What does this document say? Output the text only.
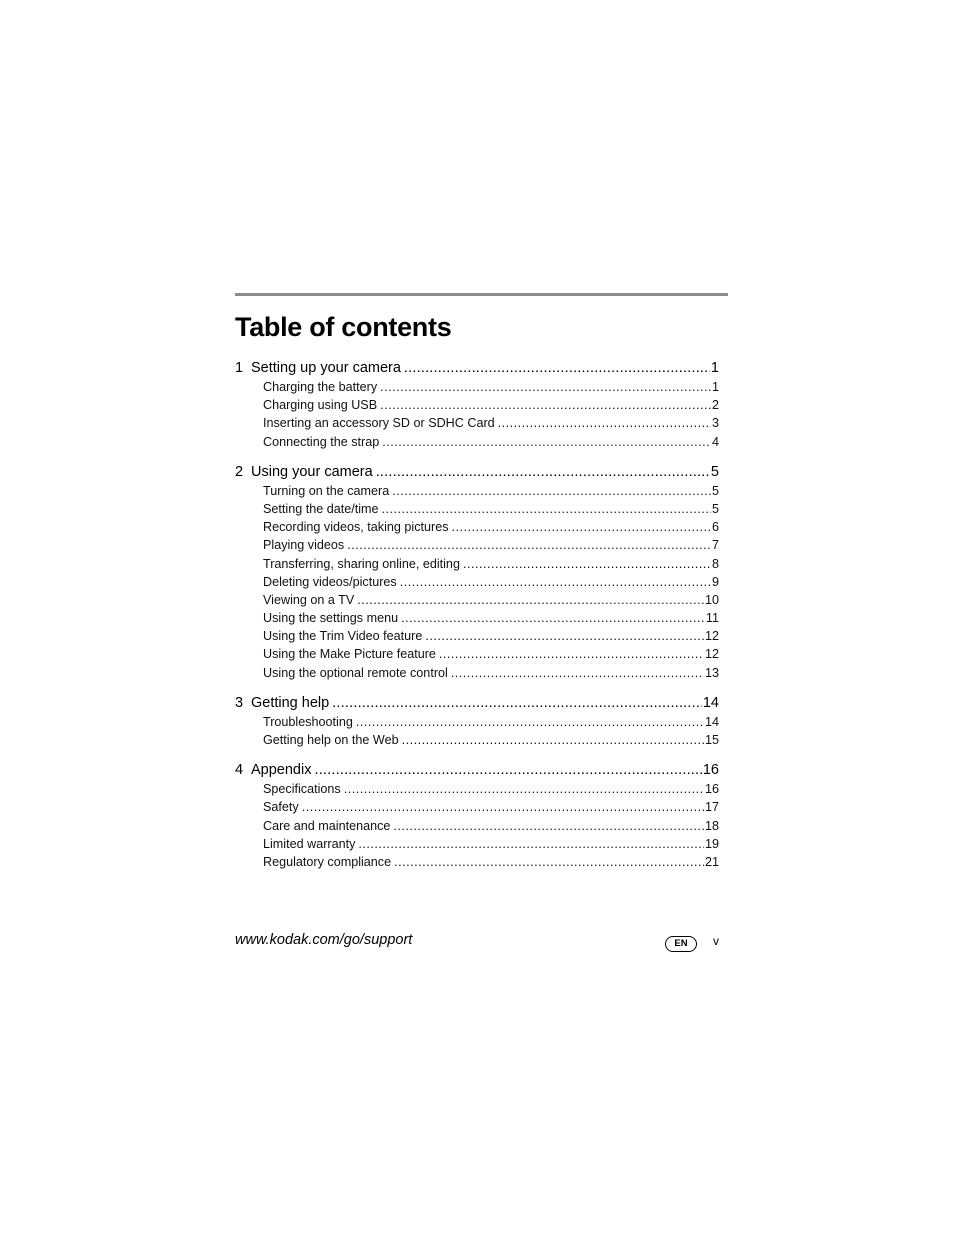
Table of contents
1 Setting up your camera .....	1
Charging the battery .....	1
Charging using USB .....	2
Inserting an accessory SD or SDHC Card .....	3
Connecting the strap .....	4
2 Using your camera .....	5
Turning on the camera .....	5
Setting the date/time .....	5
Recording videos, taking pictures .....	6
Playing videos .....	7
Transferring, sharing online, editing .....	8
Deleting videos/pictures .....	9
Viewing on a TV .....	10
Using the settings menu .....	11
Using the Trim Video feature .....	12
Using the Make Picture feature .....	12
Using the optional remote control .....	13
3 Getting help .....	14
Troubleshooting .....	14
Getting help on the Web .....	15
4 Appendix .....	16
Specifications .....	16
Safety .....	17
Care and maintenance .....	18
Limited warranty .....	19
Regulatory compliance .....	21
www.kodak.com/go/support	EN	v
